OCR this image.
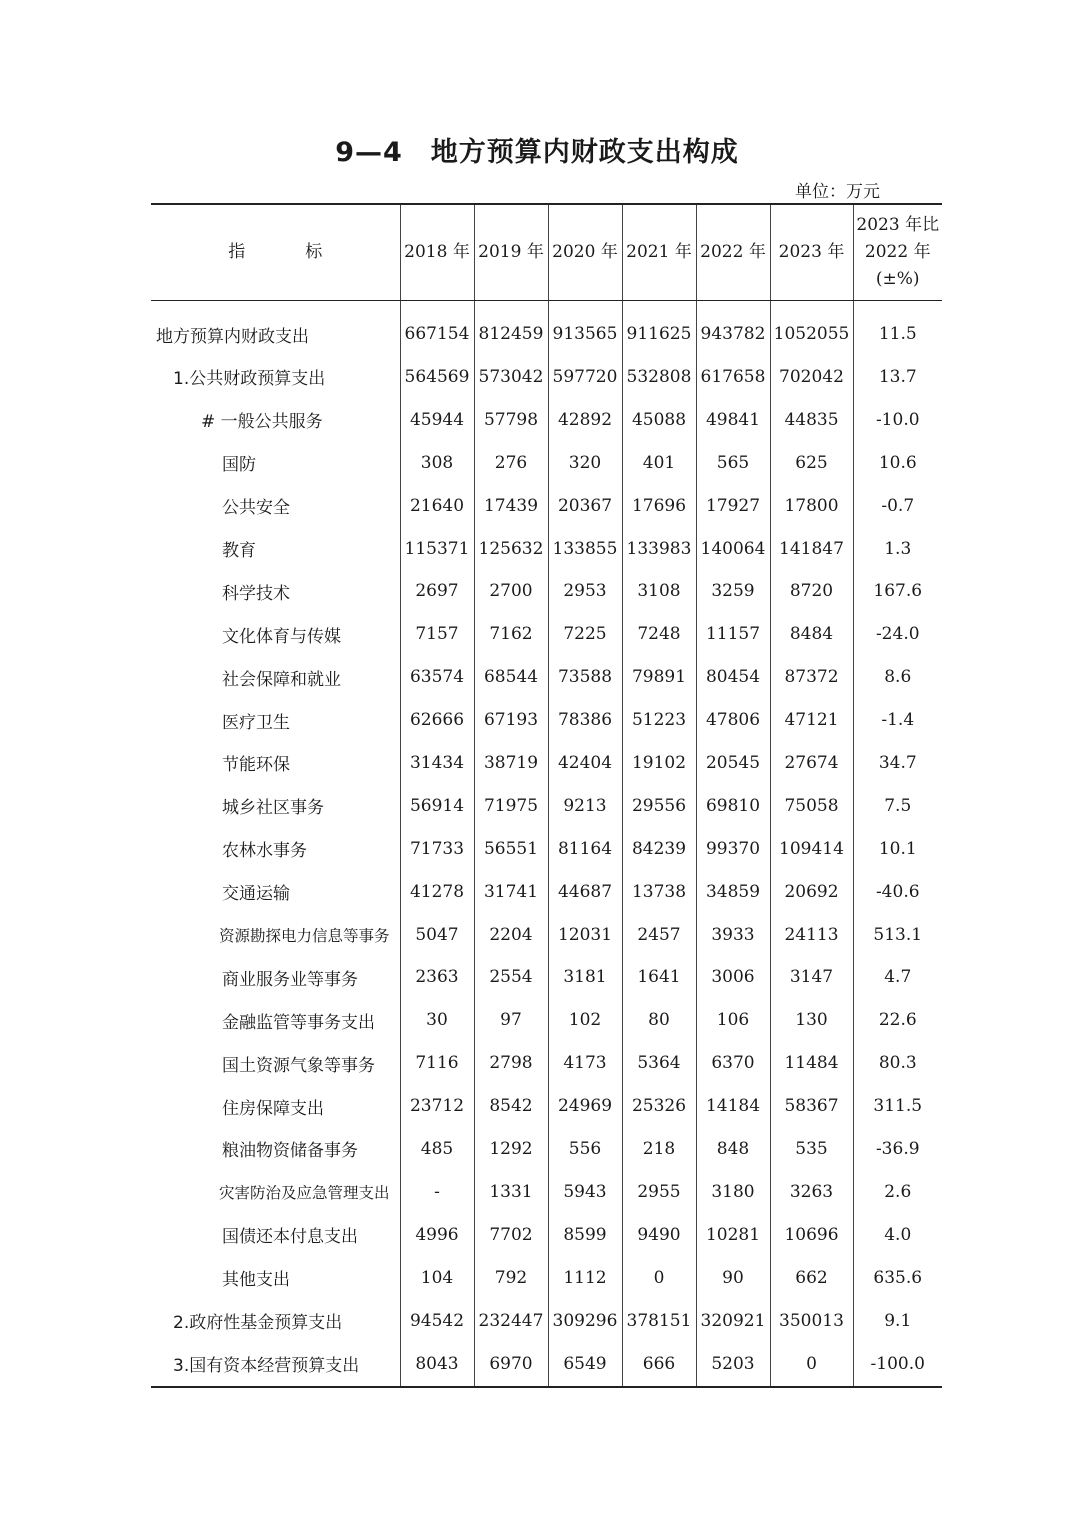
9—4 地方预算内财政支出构成
单位：万元
指标	2018 年	2019 年	2020 年	2021 年	2022 年	2023 年	2023 年比
2022 年
(±%)

地方预算内财政支出	667154	812459	913565	911625	943782	1052055	11.5
1.公共财政预算支出	564569	573042	597720	532808	617658	702042	13.7
# 一般公共服务	45944	57798	42892	45088	49841	44835	-10.0
国防	308	276	320	401	565	625	10.6
公共安全	21640	17439	20367	17696	17927	17800	-0.7
教育	115371	125632	133855	133983	140064	141847	1.3
科学技术	2697	2700	2953	3108	3259	8720	167.6
文化体育与传媒	7157	7162	7225	7248	11157	8484	-24.0
社会保障和就业	63574	68544	73588	79891	80454	87372	8.6
医疗卫生	62666	67193	78386	51223	47806	47121	-1.4
节能环保	31434	38719	42404	19102	20545	27674	34.7
城乡社区事务	56914	71975	9213	29556	69810	75058	7.5
农林水事务	71733	56551	81164	84239	99370	109414	10.1
交通运输	41278	31741	44687	13738	34859	20692	-40.6
资源勘探电力信息等事务	5047	2204	12031	2457	3933	24113	513.1
商业服务业等事务	2363	2554	3181	1641	3006	3147	4.7
金融监管等事务支出	30	97	102	80	106	130	22.6
国土资源气象等事务	7116	2798	4173	5364	6370	11484	80.3
住房保障支出	23712	8542	24969	25326	14184	58367	311.5
粮油物资储备事务	485	1292	556	218	848	535	-36.9
灾害防治及应急管理支出	-	1331	5943	2955	3180	3263	2.6
国债还本付息支出	4996	7702	8599	9490	10281	10696	4.0
其他支出	104	792	1112	0	90	662	635.6
2.政府性基金预算支出	94542	232447	309296	378151	320921	350013	9.1
3.国有资本经营预算支出	8043	6970	6549	666	5203	0	-100.0
